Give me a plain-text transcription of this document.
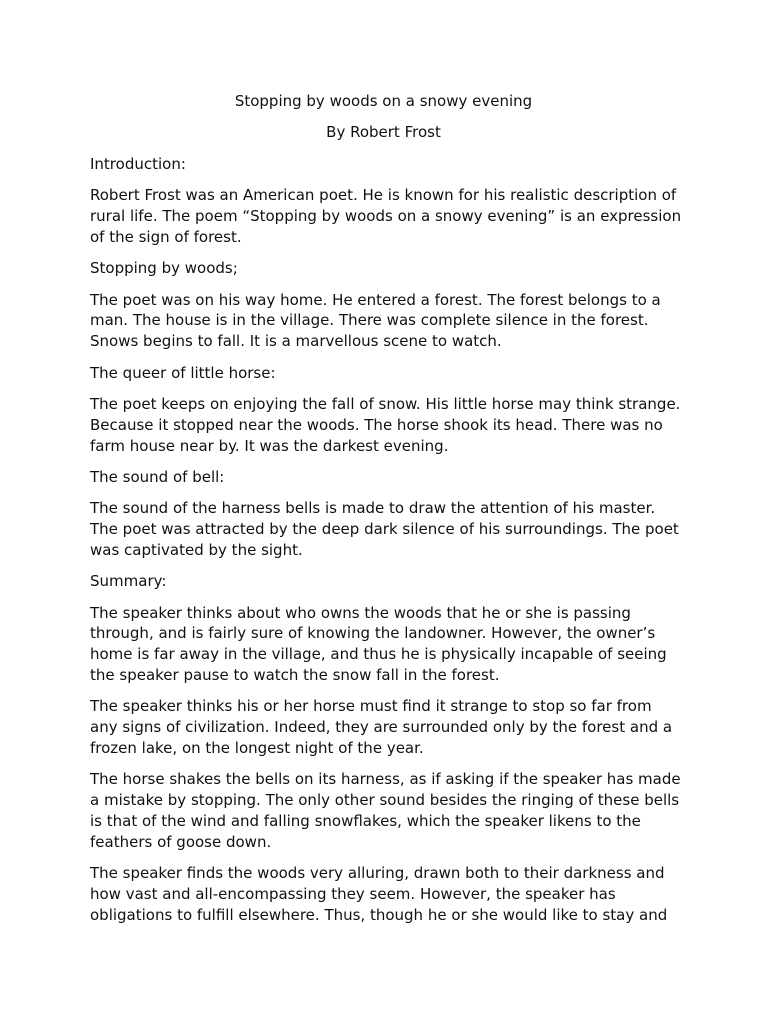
Stopping by woods on a snowy evening

By Robert Frost

Introduction:

Robert Frost was an American poet. He is known for his realistic description of rural life. The poem “Stopping by woods on a snowy evening” is an expression of the sign of forest.

Stopping by woods;

The poet was on his way home. He entered a forest. The forest belongs to a man. The house is in the village. There was complete silence in the forest. Snows begins to fall. It is a marvellous scene to watch.

The queer of little horse:

The poet keeps on enjoying the fall of snow. His little horse may think strange. Because it stopped near the woods. The horse shook its head. There was no farm house near by. It was the darkest evening.

The sound of bell:

The sound of the harness bells is made to draw the attention of his master. The poet was attracted by the deep dark silence of his surroundings. The poet was captivated by the sight.

Summary:

The speaker thinks about who owns the woods that he or she is passing through, and is fairly sure of knowing the landowner. However, the owner’s home is far away in the village, and thus he is physically incapable of seeing the speaker pause to watch the snow fall in the forest.

The speaker thinks his or her horse must find it strange to stop so far from any signs of civilization. Indeed, they are surrounded only by the forest and a frozen lake, on the longest night of the year.

The horse shakes the bells on its harness, as if asking if the speaker has made a mistake by stopping. The only other sound besides the ringing of these bells is that of the wind and falling snowflakes, which the speaker likens to the feathers of goose down.

The speaker finds the woods very alluring, drawn both to their darkness and how vast and all-encompassing they seem. However, the speaker has obligations to fulfill elsewhere. Thus, though he or she would like to stay and
